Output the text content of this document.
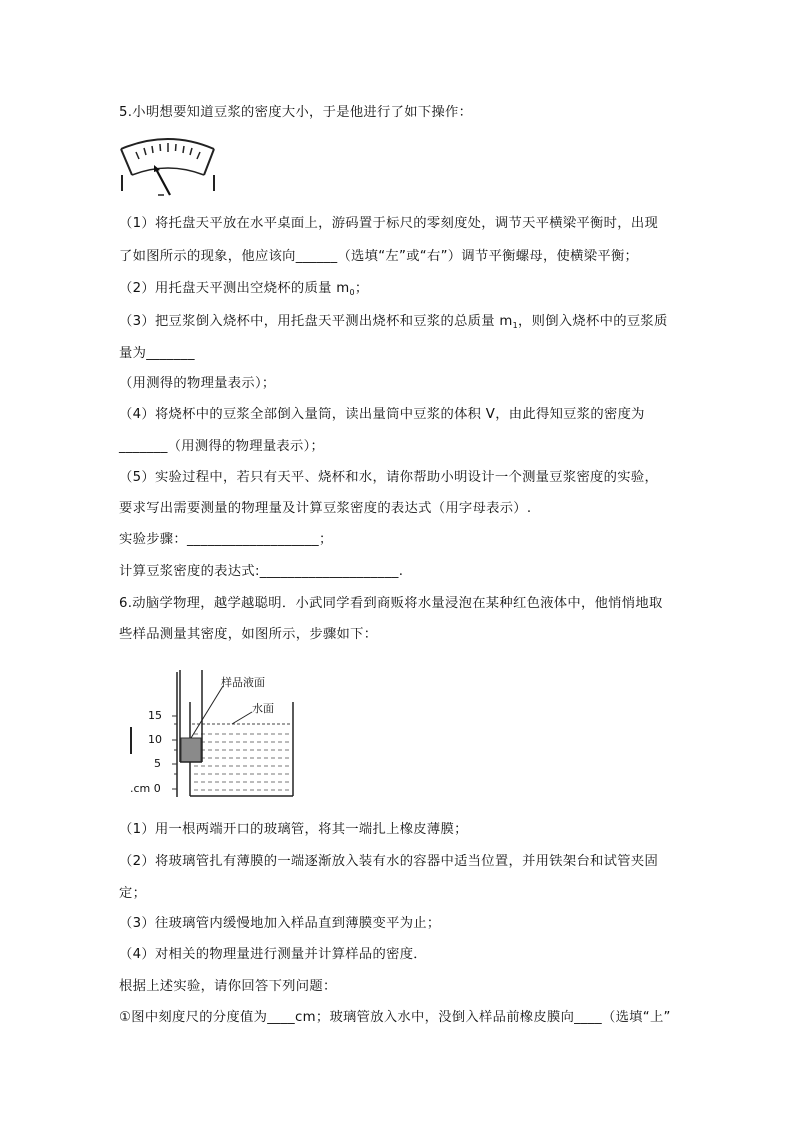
5.小明想要知道豆浆的密度大小，于是他进行了如下操作：
（1）将托盘天平放在水平桌面上，游码置于标尺的零刻度处，调节天平横梁平衡时，出现
了如图所示的现象，他应该向______（选填“左”或“右”）调节平衡螺母，使横梁平衡；
（2）用托盘天平测出空烧杯的质量 $m_0$；
（3）把豆浆倒入烧杯中，用托盘天平测出烧杯和豆浆的总质量 $m_1$，则倒入烧杯中的豆浆质
量为_______
（用测得的物理量表示）；
（4）将烧杯中的豆浆全部倒入量筒，读出量筒中豆浆的体积 V，由此得知豆浆的密度为
_______（用测得的物理量表示）；
（5）实验过程中，若只有天平、烧杯和水，请你帮助小明设计一个测量豆浆密度的实验，
要求写出需要测量的物理量及计算豆浆密度的表达式（用字母表示）.
实验步骤：___________________；
计算豆浆密度的表达式:____________________.
6.动脑学物理，越学越聪明．小武同学看到商贩将水量浸泡在某种红色液体中，他悄悄地取
些样品测量其密度，如图所示，步骤如下：
样品液面
水面
15
10
5
.cm 0
（1）用一根两端开口的玻璃管，将其一端扎上橡皮薄膜；
（2）将玻璃管扎有薄膜的一端逐渐放入装有水的容器中适当位置，并用铁架台和试管夹固
定；
（3）往玻璃管内缓慢地加入样品直到薄膜变平为止；
（4）对相关的物理量进行测量并计算样品的密度．
根据上述实验，请你回答下列问题：
①图中刻度尺的分度值为____cm；玻璃管放入水中，没倒入样品前橡皮膜向____（选填“上”
